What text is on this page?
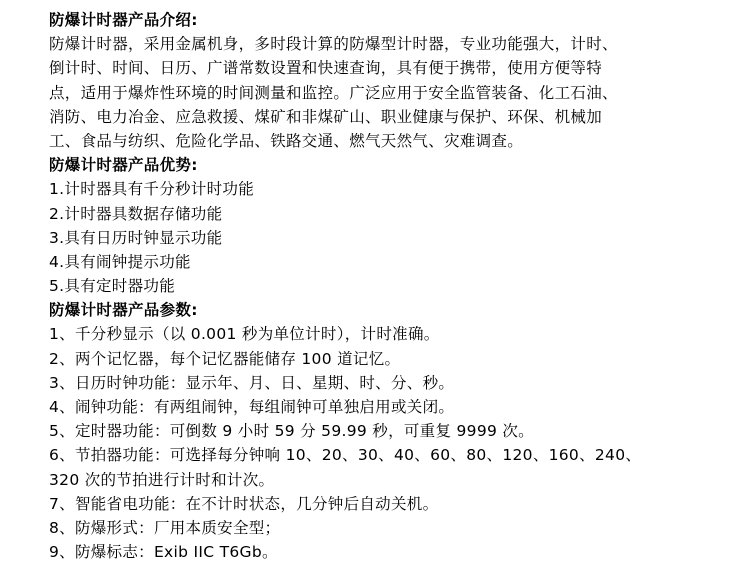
防爆计时器产品介绍:
防爆计时器，采用金属机身，多时段计算的防爆型计时器，专业功能强大，计时、
倒计时、时间、日历、广谱常数设置和快速查询，具有便于携带，使用方便等特
点，适用于爆炸性环境的时间测量和监控。广泛应用于安全监管装备、化工石油、
消防、电力冶金、应急救援、煤矿和非煤矿山、职业健康与保护、环保、机械加
工、食品与纺织、危险化学品、铁路交通、燃气天然气、灾难调查。
防爆计时器产品优势:
1.计时器具有千分秒计时功能
2.计时器具数据存储功能
3.具有日历时钟显示功能
4.具有闹钟提示功能
5.具有定时器功能
防爆计时器产品参数:
1、千分秒显示（以 0.001 秒为单位计时），计时准确。
2、两个记忆器，每个记忆器能储存 100 道记忆。
3、日历时钟功能：显示年、月、日、星期、时、分、秒。
4、闹钟功能：有两组闹钟，每组闹钟可单独启用或关闭。
5、定时器功能：可倒数 9 小时 59 分 59.99 秒，可重复 9999 次。
6、节拍器功能：可选择每分钟响 10、20、30、40、60、80、120、160、240、
320 次的节拍进行计时和计次。
7、智能省电功能：在不计时状态，几分钟后自动关机。
8、防爆形式：厂用本质安全型；
9、防爆标志：Exib IIC T6Gb。
